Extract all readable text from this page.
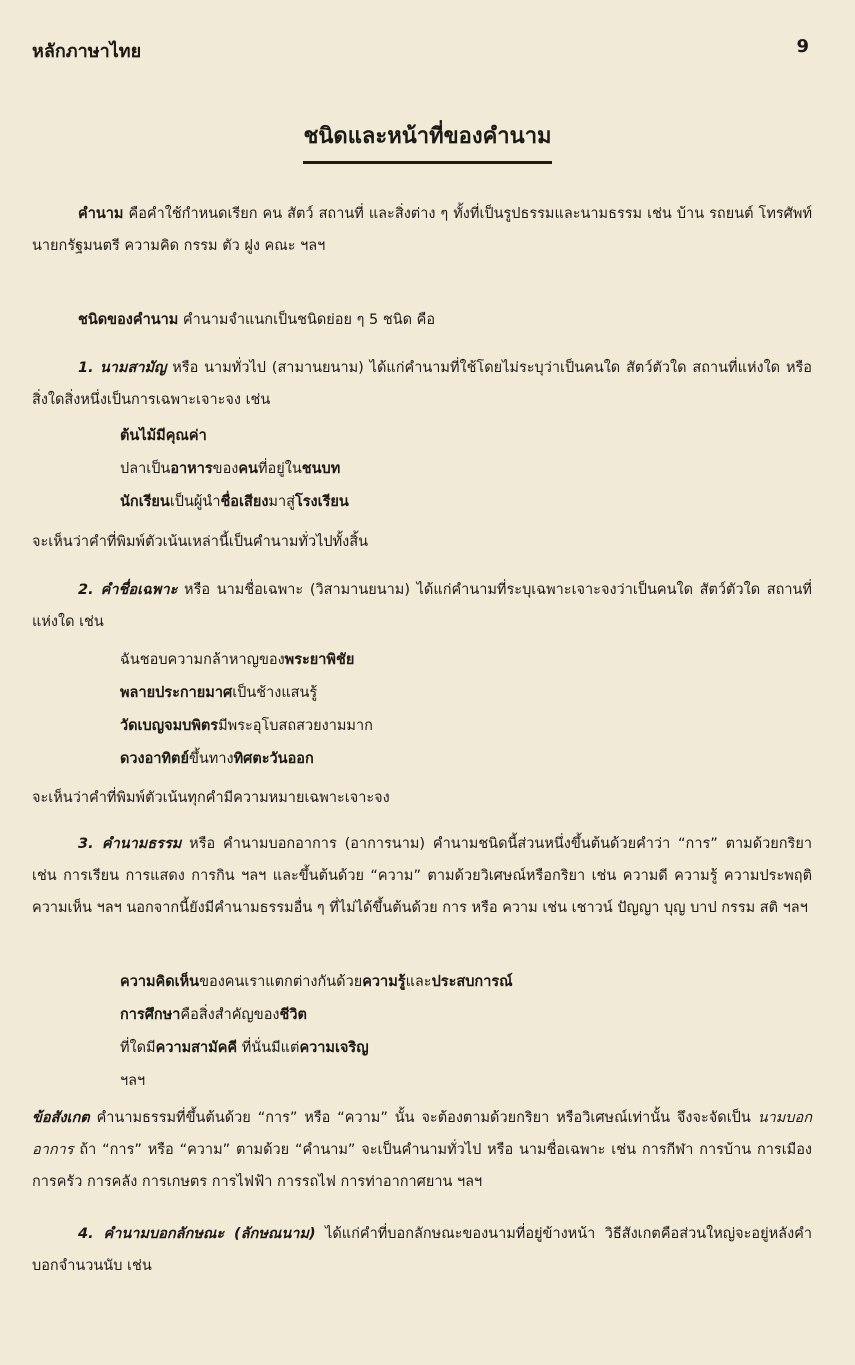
หลักภาษาไทย	9
ชนิดและหน้าที่ของคำนาม
คำนาม คือคำใช้กำหนดเรียก คน สัตว์ สถานที่ และสิ่งต่าง ๆ ทั้งที่เป็นรูปธรรมและนามธรรม เช่น บ้าน รถยนต์ โทรศัพท์ นายกรัฐมนตรี ความคิด กรรม ตัว ฝูง คณะ ฯลฯ
ชนิดของคำนาม คำนามจำแนกเป็นชนิดย่อย ๆ 5 ชนิด คือ
1. นามสามัญ หรือ นามทั่วไป (สามานยนาม) ได้แก่คำนามที่ใช้โดยไม่ระบุว่าเป็นคนใด สัตว์ตัวใด สถานที่แห่งใด หรือสิ่งใดสิ่งหนึ่งเป็นการเฉพาะเจาะจง เช่น
ต้นไม้มีคุณค่า
ปลาเป็นอาหารของคนที่อยู่ในชนบท
นักเรียนเป็นผู้นำชื่อเสียงมาสู่โรงเรียน
จะเห็นว่าคำที่พิมพ์ตัวเน้นเหล่านี้เป็นคำนามทั่วไปทั้งสิ้น
2. คำชื่อเฉพาะ หรือ นามชื่อเฉพาะ (วิสามานยนาม) ได้แก่คำนามที่ระบุเฉพาะเจาะจงว่าเป็นคนใด สัตว์ตัวใด สถานที่แห่งใด เช่น
ฉันชอบความกล้าหาญของพระยาพิชัย
พลายประกายมาศเป็นช้างแสนรู้
วัดเบญจมบพิตรมีพระอุโบสถสวยงามมาก
ดวงอาทิตย์ขึ้นทางทิศตะวันออก
จะเห็นว่าคำที่พิมพ์ตัวเน้นทุกคำมีความหมายเฉพาะเจาะจง
3. คำนามธรรม หรือ คำนามบอกอาการ (อาการนาม) คำนามชนิดนี้ส่วนหนึ่งขึ้นต้นด้วยคำว่า “การ” ตามด้วยกริยา เช่น การเรียน การแสดง การกิน ฯลฯ และขึ้นต้นด้วย “ความ” ตามด้วยวิเศษณ์หรือกริยา เช่น ความดี ความรู้ ความประพฤติ ความเห็น ฯลฯ นอกจากนี้ยังมีคำนามธรรมอื่น ๆ ที่ไม่ได้ขึ้นต้นด้วย การ หรือ ความ เช่น เชาวน์ ปัญญา บุญ บาป กรรม สติ ฯลฯ
ความคิดเห็นของคนเราแตกต่างกันด้วยความรู้และประสบการณ์
การศึกษาคือสิ่งสำคัญของชีวิต
ที่ใดมีความสามัคคี ที่นั่นมีแต่ความเจริญ
ฯลฯ
ข้อสังเกต คำนามธรรมที่ขึ้นต้นด้วย “การ” หรือ “ความ” นั้น จะต้องตามด้วยกริยา หรือวิเศษณ์เท่านั้น จึงจะจัดเป็น นามบอกอาการ ถ้า “การ” หรือ “ความ” ตามด้วย “คำนาม” จะเป็นคำนามทั่วไป หรือ นามชื่อเฉพาะ เช่น การกีฬา การบ้าน การเมือง การครัว การคลัง การเกษตร การไฟฟ้า การรถไฟ การท่าอากาศยาน ฯลฯ
4. คำนามบอกลักษณะ (ลักษณนาม) ได้แก่คำที่บอกลักษณะของนามที่อยู่ข้างหน้า วิธีสังเกตคือส่วนใหญ่จะอยู่หลังคำบอกจำนวนนับ เช่น
